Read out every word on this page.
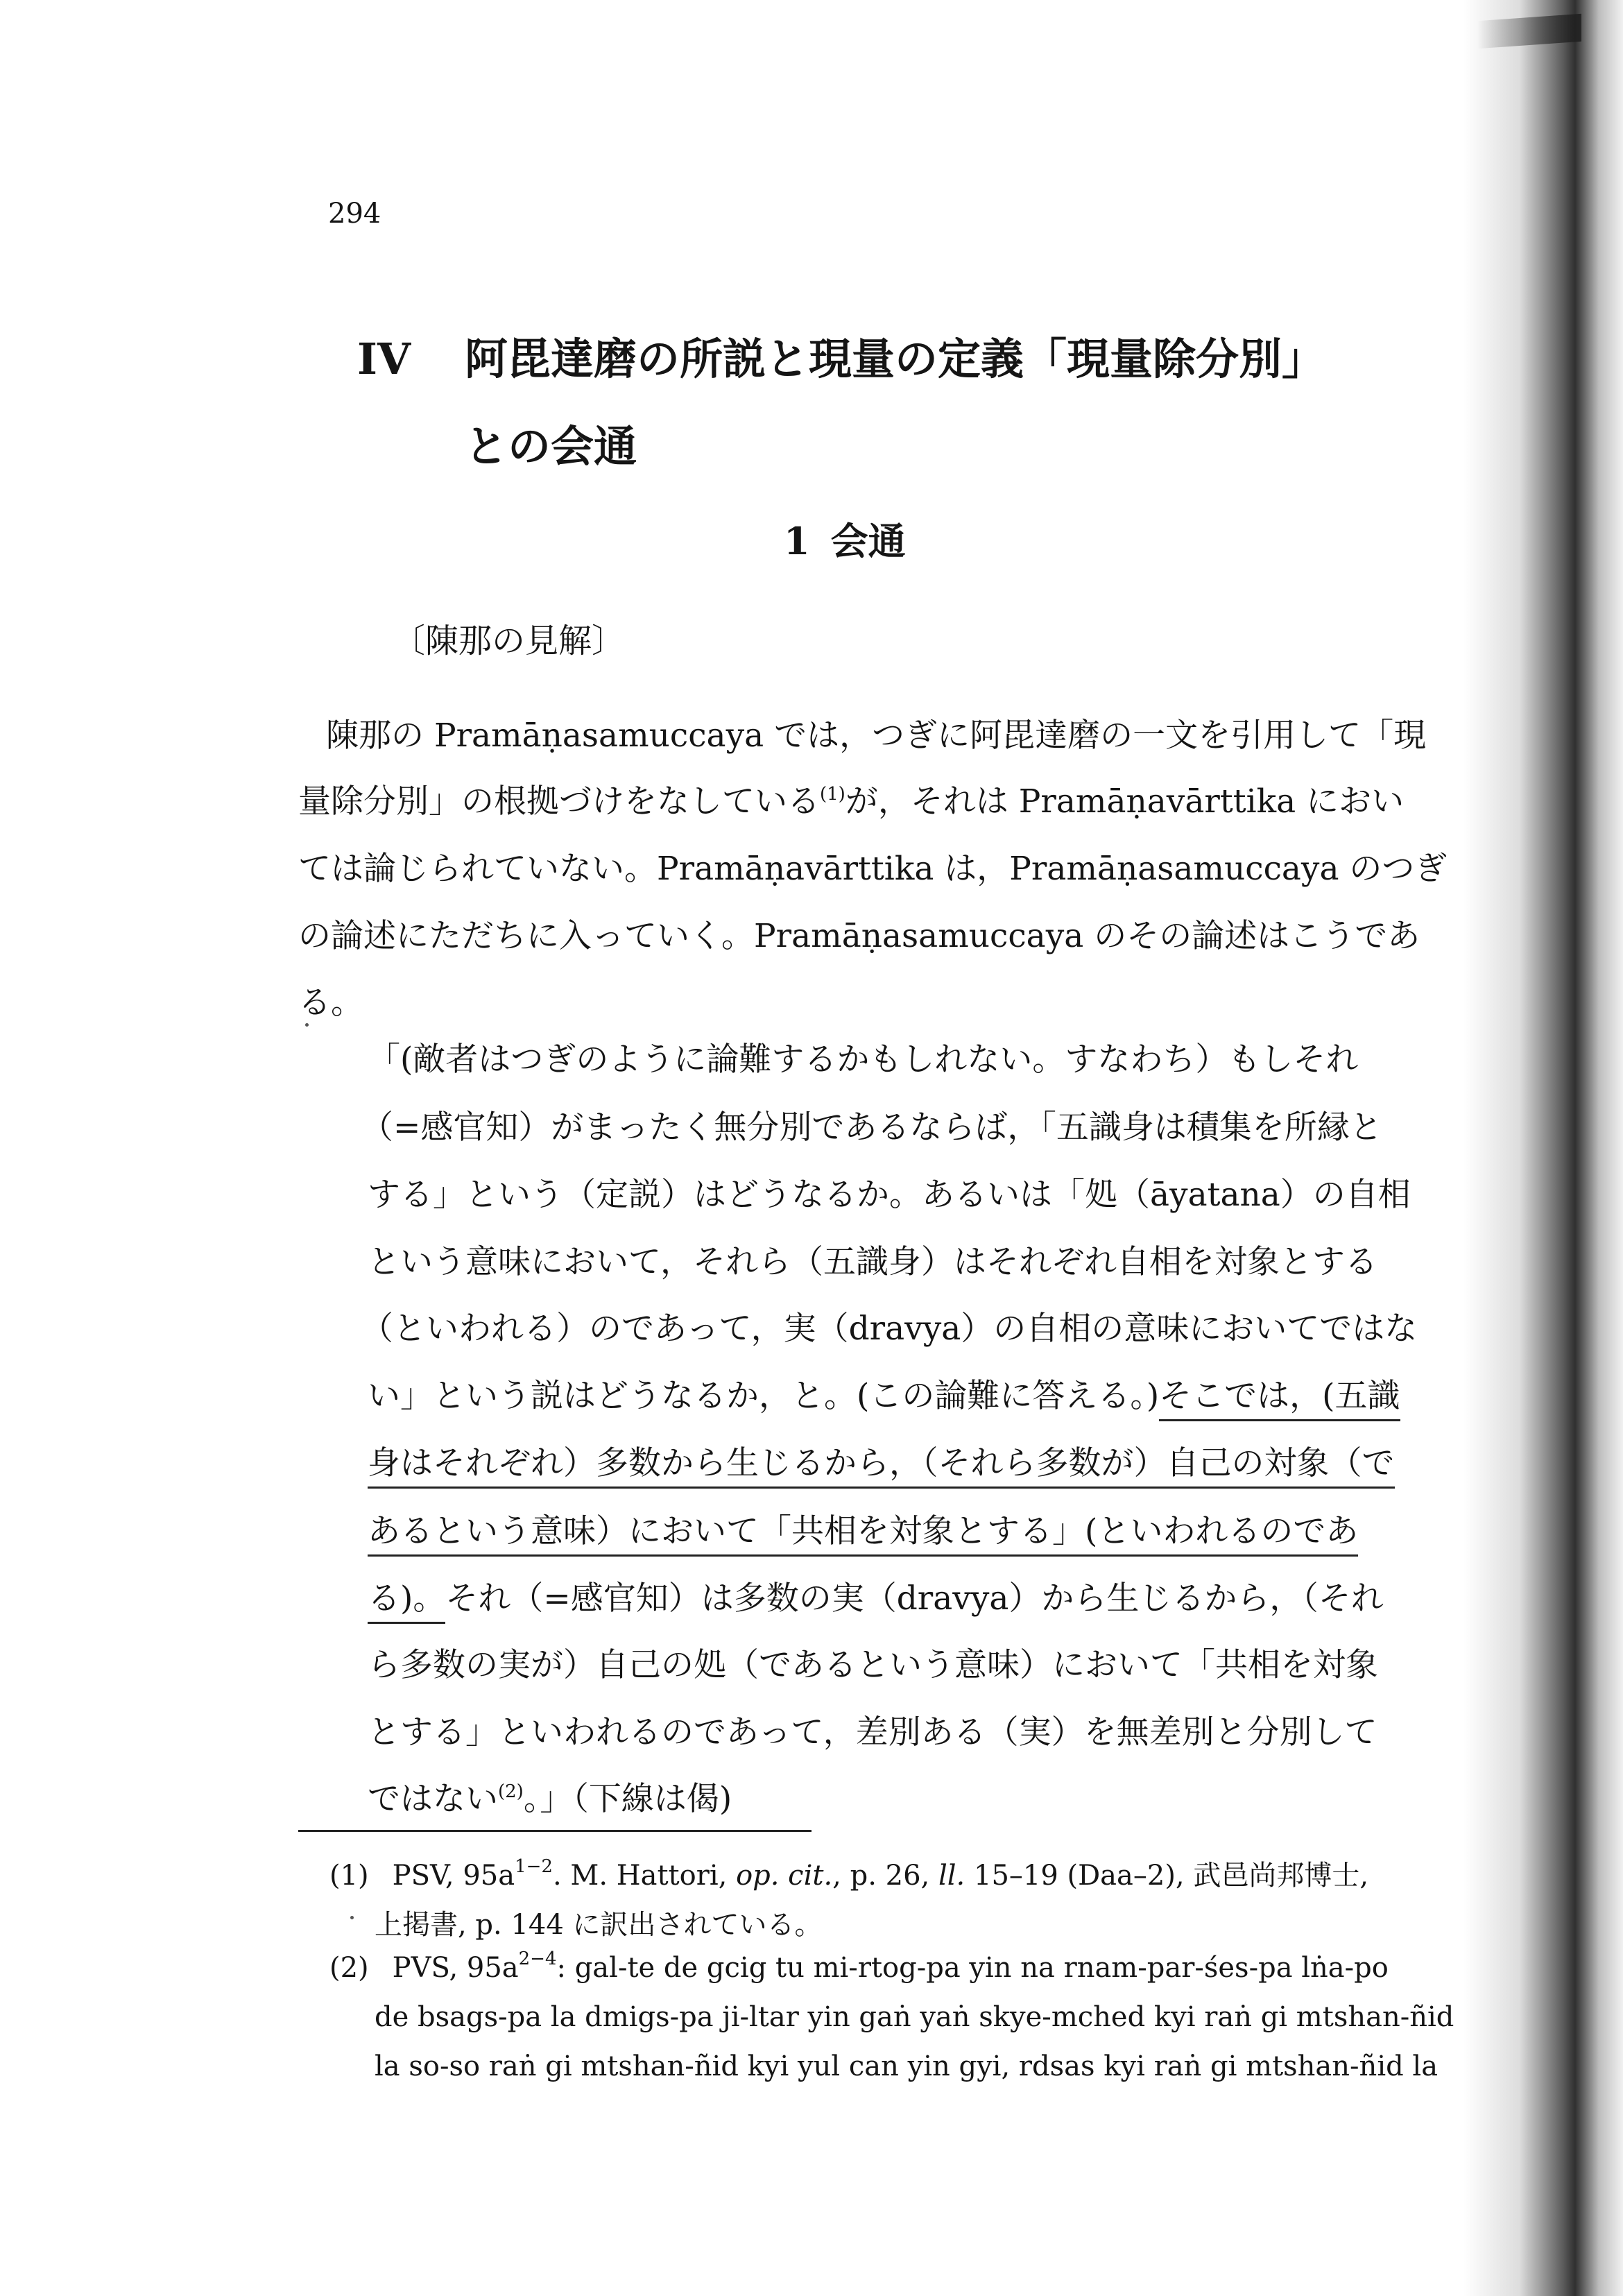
294
IV 阿毘達磨の所説と現量の定義「現量除分別」
との会通
1 会通
〔陳那の見解〕
陳那の Pramāṇasamuccaya では，つぎに阿毘達磨の一文を引用して「現
量除分別」の根拠づけをなしている$^{(1)}$が，それは Pramāṇavārttika におい
ては論じられていない。Pramāṇavārttika は，Pramāṇasamuccaya のつぎ
の論述にただちに入っていく。Pramāṇasamuccaya のその論述はこうであ
る。
「(敵者はつぎのように論難するかもしれない。すなわち）もしそれ
（=感官知）がまったく無分別であるならば，「五識身は積集を所縁と
する」という（定説）はどうなるか。あるいは「処（āyatana）の自相
という意味において，それら（五識身）はそれぞれ自相を対象とする
（といわれる）のであって，実（dravya）の自相の意味においてではな
い」という説はどうなるか，と。(この論難に答える。)そこでは，(五識
身はそれぞれ）多数から生じるから，（それら多数が）自己の対象（で
あるという意味）において「共相を対象とする」(といわれるのであ
る)。それ（=感官知）は多数の実（dravya）から生じるから，（それ
ら多数の実が）自己の処（であるという意味）において「共相を対象
とする」といわれるのであって，差別ある（実）を無差別と分別して
ではない$^{(2)}$。」（下線は偈)
(1) PSV, $95a^{1-2}$. M. Hattori, op. cit., p. 26, ll. 15–19 (Daa–2), 武邑尚邦博士,
上掲書, p. 144 に訳出されている。
(2) PVS, $95a^{2-4}$: gal-te de gcig tu mi-rtog-pa yin na rnam-par-śes-pa lṅa-po
de bsags-pa la dmigs-pa ji-ltar yin gaṅ yaṅ skye-mched kyi raṅ gi mtshan-ñid
la so-so raṅ gi mtshan-ñid kyi yul can yin gyi, rdsas kyi raṅ gi mtshan-ñid la
